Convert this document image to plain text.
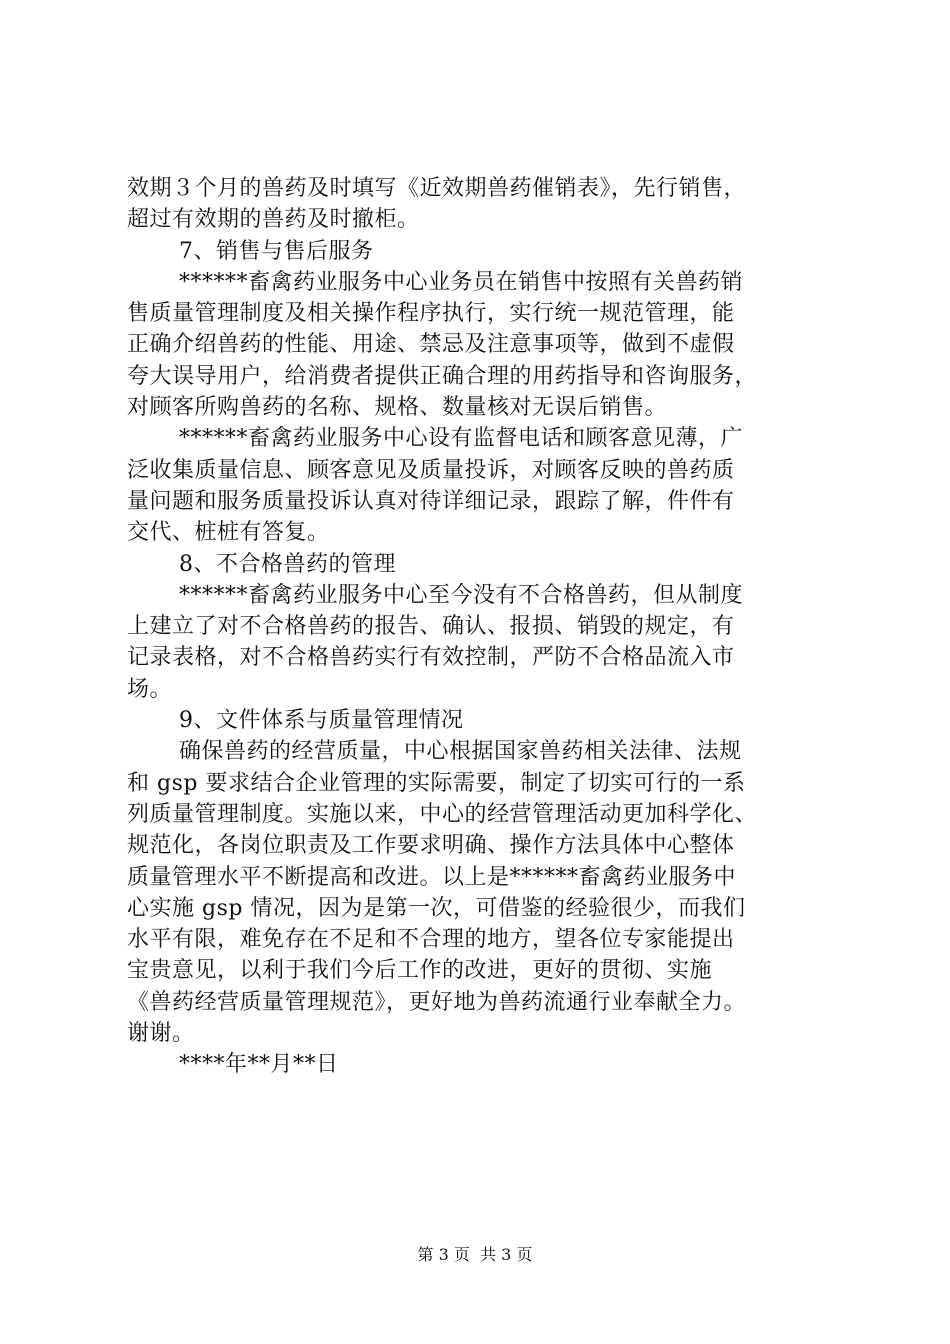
效期３个月的兽药及时填写《近效期兽药催销表》，先行销售，
超过有效期的兽药及时撤柜。
7、销售与售后服务
******畜禽药业服务中心业务员在销售中按照有关兽药销
售质量管理制度及相关操作程序执行，实行统一规范管理，能
正确介绍兽药的性能、用途、禁忌及注意事项等，做到不虚假
夸大误导用户，给消费者提供正确合理的用药指导和咨询服务，
对顾客所购兽药的名称、规格、数量核对无误后销售。
******畜禽药业服务中心设有监督电话和顾客意见薄，广
泛收集质量信息、顾客意见及质量投诉，对顾客反映的兽药质
量问题和服务质量投诉认真对待详细记录，跟踪了解，件件有
交代、桩桩有答复。
8、不合格兽药的管理
******畜禽药业服务中心至今没有不合格兽药，但从制度
上建立了对不合格兽药的报告、确认、报损、销毁的规定，有
记录表格，对不合格兽药实行有效控制，严防不合格品流入市
场。
9、文件体系与质量管理情况
确保兽药的经营质量，中心根据国家兽药相关法律、法规
和 gsp 要求结合企业管理的实际需要，制定了切实可行的一系
列质量管理制度。实施以来，中心的经营管理活动更加科学化、
规范化，各岗位职责及工作要求明确、操作方法具体中心整体
质量管理水平不断提高和改进。以上是******畜禽药业服务中
心实施 gsp 情况，因为是第一次，可借鉴的经验很少，而我们
水平有限，难免存在不足和不合理的地方，望各位专家能提出
宝贵意见，以利于我们今后工作的改进，更好的贯彻、实施
《兽药经营质量管理规范》，更好地为兽药流通行业奉献全力。
谢谢。
****年**月**日
第 3 页  共 3 页
